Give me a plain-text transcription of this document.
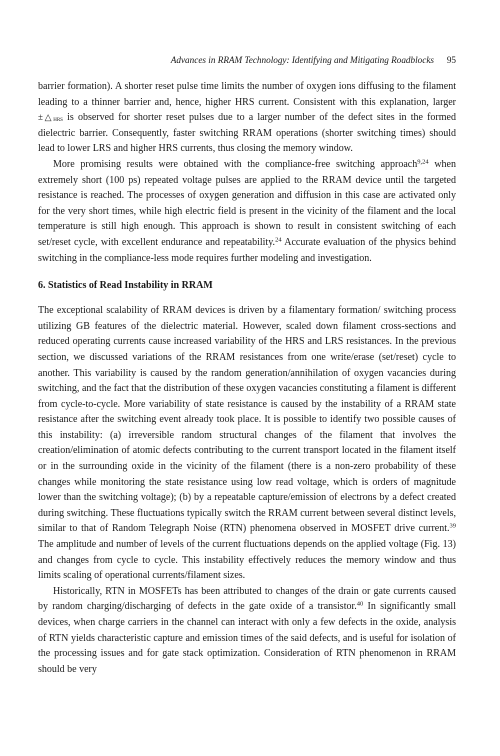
Advances in RRAM Technology: Identifying and Mitigating Roadblocks 95

barrier formation). A shorter reset pulse time limits the number of oxygen ions diffusing to the filament leading to a thinner barrier and, hence, higher HRS current. Consistent with this explanation, larger $\pm\triangle_{HRS}$ is observed for shorter reset pulses due to a larger number of the defect sites in the formed dielectric barrier. Consequently, faster switching RRAM operations (shorter switching times) should lead to lower LRS and higher HRS currents, thus closing the memory window.

More promising results were obtained with the compliance-free switching approach$^{9,24}$ when extremely short (100 ps) repeated voltage pulses are applied to the RRAM device until the targeted resistance is reached. The processes of oxygen generation and diffusion in this case are activated only for the very short times, while high electric field is present in the vicinity of the filament and the local temperature is still high enough. This approach is shown to result in consistent switching of each set/reset cycle, with excellent endurance and repeatability.$^{24}$ Accurate evaluation of the physics behind switching in the compliance-less mode requires further modeling and investigation.

6. Statistics of Read Instability in RRAM

The exceptional scalability of RRAM devices is driven by a filamentary formation/ switching process utilizing GB features of the dielectric material. However, scaled down filament cross-sections and reduced operating currents cause increased variability of the HRS and LRS resistances. In the previous section, we discussed variations of the RRAM resistances from one write/erase (set/reset) cycle to another. This variability is caused by the random generation/annihilation of oxygen vacancies during switching, and the fact that the distribution of these oxygen vacancies constituting a filament is different from cycle-to-cycle. More variability of state resistance is caused by the instability of a RRAM state resistance after the switching event already took place. It is possible to identify two possible causes of this instability: (a) irreversible random structural changes of the filament that involves the creation/elimination of atomic defects contributing to the current transport located in the filament itself or in the surrounding oxide in the vicinity of the filament (there is a non-zero probability of these changes while monitoring the state resistance using low read voltage, which is orders of magnitude lower than the switching voltage); (b) by a repeatable capture/emission of electrons by a defect created during switching. These fluctuations typically switch the RRAM current between several distinct levels, similar to that of Random Telegraph Noise (RTN) phenomena observed in MOSFET drive current.$^{39}$ The amplitude and number of levels of the current fluctuations depends on the applied voltage (Fig. 13) and changes from cycle to cycle. This instability effectively reduces the memory window and thus limits scaling of operational currents/filament sizes.

Historically, RTN in MOSFETs has been attributed to changes of the drain or gate currents caused by random charging/discharging of defects in the gate oxide of a transistor.$^{40}$ In significantly small devices, when charge carriers in the channel can interact with only a few defects in the oxide, analysis of RTN yields characteristic capture and emission times of the said defects, and is useful for isolation of the processing issues and for gate stack optimization. Consideration of RTN phenomenon in RRAM should be very
